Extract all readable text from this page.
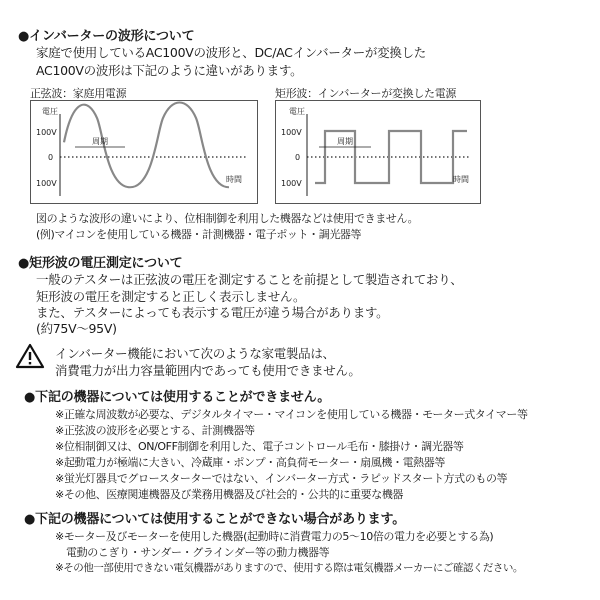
●インバーターの波形について
家庭で使用しているAC100Vの波形と、DC/ACインバーターが変換した
AC100Vの波形は下記のように違いがあります。
正弦波：家庭用電源	矩形波：インバーターが変換した電源
電圧
100V
0
100V
周期
時間
電圧
100V
0
100V
周期
時間
図のような波形の違いにより、位相制御を利用した機器などは使用できません。
(例)マイコンを使用している機器・計測機器・電子ポット・調光器等
●矩形波の電圧測定について
一般のテスターは正弦波の電圧を測定することを前提として製造されており、
矩形波の電圧を測定すると正しく表示しません。
また、テスターによっても表示する電圧が違う場合があります。
(約75V〜95V)
インバーター機能において次のような家電製品は、
消費電力が出力容量範囲内であっても使用できません。
●下記の機器については使用することができません。
※正確な周波数が必要な、デジタルタイマー・マイコンを使用している機器・モーター式タイマー等
※正弦波の波形を必要とする、計測機器等
※位相制御又は、ON/OFF制御を利用した、電子コントロール毛布・膝掛け・調光器等
※起動電力が極端に大きい、冷蔵庫・ポンプ・高負荷モーター・扇風機・電熱器等
※蛍光灯器具でグロースターターではない、インバーター方式・ラピッドスタート方式のもの等
※その他、医療関連機器及び業務用機器及び社会的・公共的に重要な機器
●下記の機器については使用することができない場合があります。
※モーター及びモーターを使用した機器(起動時に消費電力の5〜10倍の電力を必要とする為)
電動のこぎり・サンダー・グラインダー等の動力機器等
※その他一部使用できない電気機器がありますので、使用する際は電気機器メーカーにご確認ください。
